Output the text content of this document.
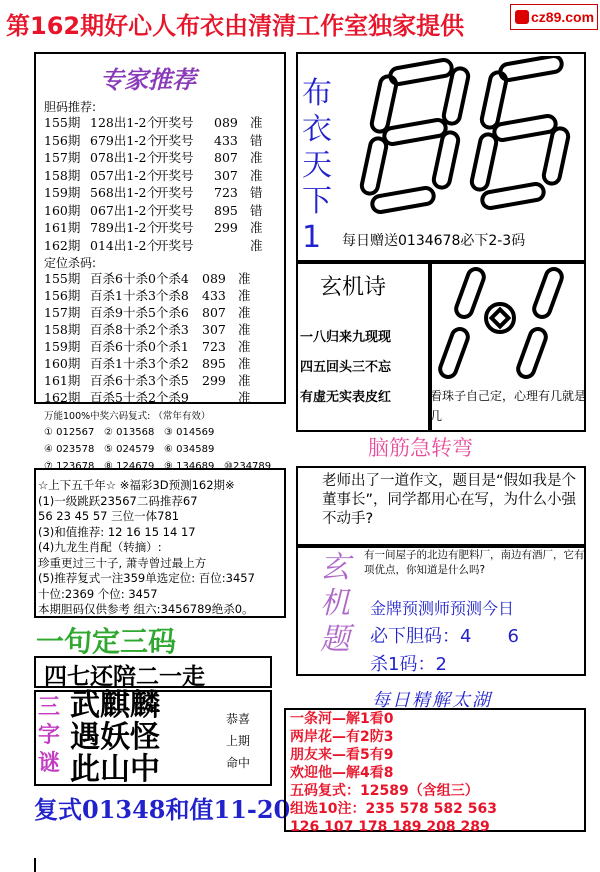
第162期好心人布衣由清清工作室独家提供	cz89.com
专家推荐
胆码推荐:
155期 128出1-2个开奖号 089 准
156期 679出1-2个开奖号 433 错
157期 078出1-2个开奖号 807 准
158期 057出1-2个开奖号 307 准
159期 568出1-2个开奖号 723 错
160期 067出1-2个开奖号 895 错
161期 789出1-2个开奖号 299 准
162期 014出1-2个开奖号	准
定位杀码:
155期 百杀6十杀0个杀4 089 准
156期 百杀1十杀3个杀8 433 准
157期 百杀9十杀5个杀6 807 准
158期 百杀8十杀2个杀3 307 准
159期 百杀6十杀0个杀1 723 准
160期 百杀1十杀3个杀2 895 准
161期 百杀6十杀3个杀5 299 准
162期 百杀5十杀2个杀9	准
万能100%中奖六码复式: （常年有效）
① 012567 ② 013568 ③ 014569
④ 023578 ⑤ 024579 ⑥ 034589
⑦ 123678 ⑧ 124679 ⑨ 134689 ⑩234789
☆上下五千年☆ ※福彩3D预测162期※
(1)一级跳跃23567二码推荐67
56 23 45 57 三位一体781
(3)和值推荐: 12 16 15 14 17
(4)九龙生肖配（转摘）:
珍重更过三十子, 萧寺曾过最上方
(5)推荐复式一注359单选定位: 百位:3457
十位:2369 个位: 3457
本期胆码仅供参考 组六:3456789绝杀0。
一句定三码
四七还陪二一走
三字谜
武麒麟
遇妖怪
此山中
恭喜
上期
命中
复式01348和值11-20
布衣天下1	每日赠送0134678必下2-3码
玄机诗
一八归来九现现
四五回头三不忘
有虚无实表皮红	看珠子自己定，心理有几就是几
脑筋急转弯
老师出了一道作文，题目是“假如我是个董事长”，同学都用心在写，为什么小强不动手?
玄机题
有一间屋子的北边有肥料厂，南边有酒厂，它有项优点，你知道是什么吗?
金牌预测师预测今日
必下胆码：4　　6
杀1码：2
每日精解太湖
一条河—解1看0
两岸花—有2防3
朋友来—看5有9
欢迎他—解4看8
五码复式：12589（含组三）
组选10注：235 578 582 563
126 107 178 189 208 289
